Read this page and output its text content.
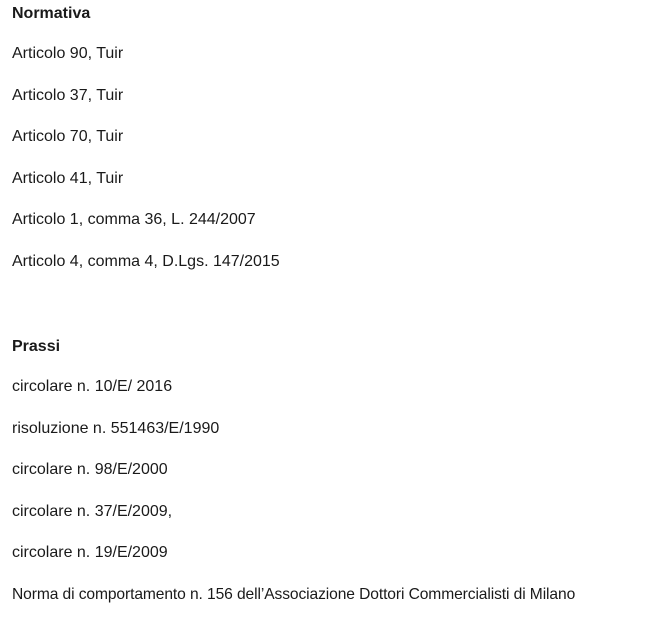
Normativa
Articolo 90, Tuir
Articolo 37, Tuir
Articolo 70, Tuir
Articolo 41, Tuir
Articolo 1, comma 36, L. 244/2007
Articolo 4, comma 4, D.Lgs. 147/2015
Prassi
circolare n. 10/E/ 2016
risoluzione n. 551463/E/1990
circolare n. 98/E/2000
circolare n. 37/E/2009,
circolare n. 19/E/2009
Norma di comportamento n. 156 dell’Associazione Dottori Commercialisti di Milano
